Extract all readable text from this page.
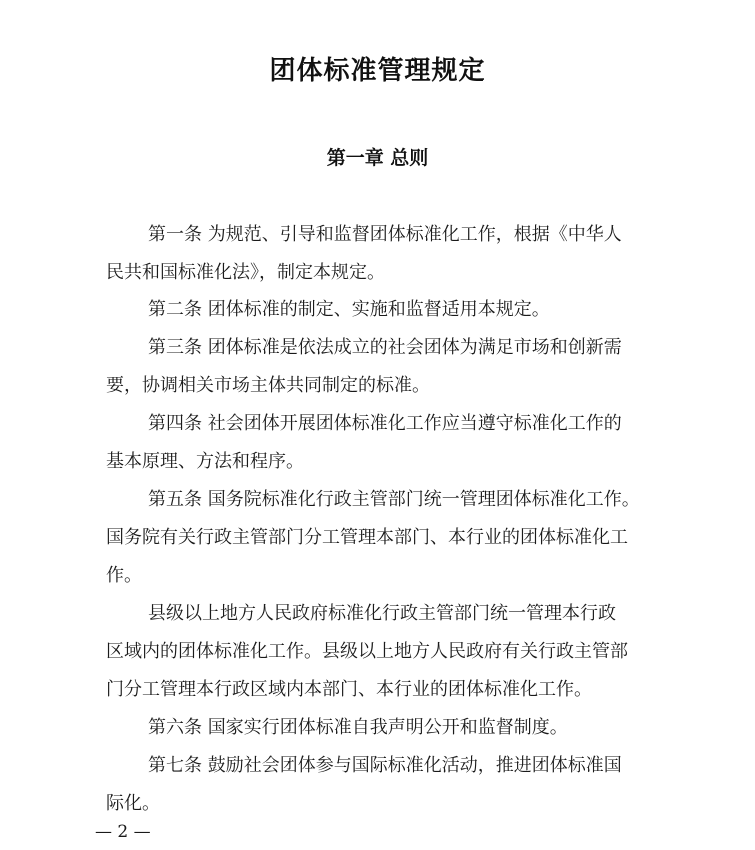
团体标准管理规定
第一章 总则
第一条 为规范、引导和监督团体标准化工作，根据《中华人
民共和国标准化法》，制定本规定。
第二条 团体标准的制定、实施和监督适用本规定。
第三条 团体标准是依法成立的社会团体为满足市场和创新需
要，协调相关市场主体共同制定的标准。
第四条 社会团体开展团体标准化工作应当遵守标准化工作的
基本原理、方法和程序。
第五条 国务院标准化行政主管部门统一管理团体标准化工作。
国务院有关行政主管部门分工管理本部门、本行业的团体标准化工
作。
县级以上地方人民政府标准化行政主管部门统一管理本行政
区域内的团体标准化工作。县级以上地方人民政府有关行政主管部
门分工管理本行政区域内本部门、本行业的团体标准化工作。
第六条 国家实行团体标准自我声明公开和监督制度。
第七条 鼓励社会团体参与国际标准化活动，推进团体标准国
际化。
— 2 —
